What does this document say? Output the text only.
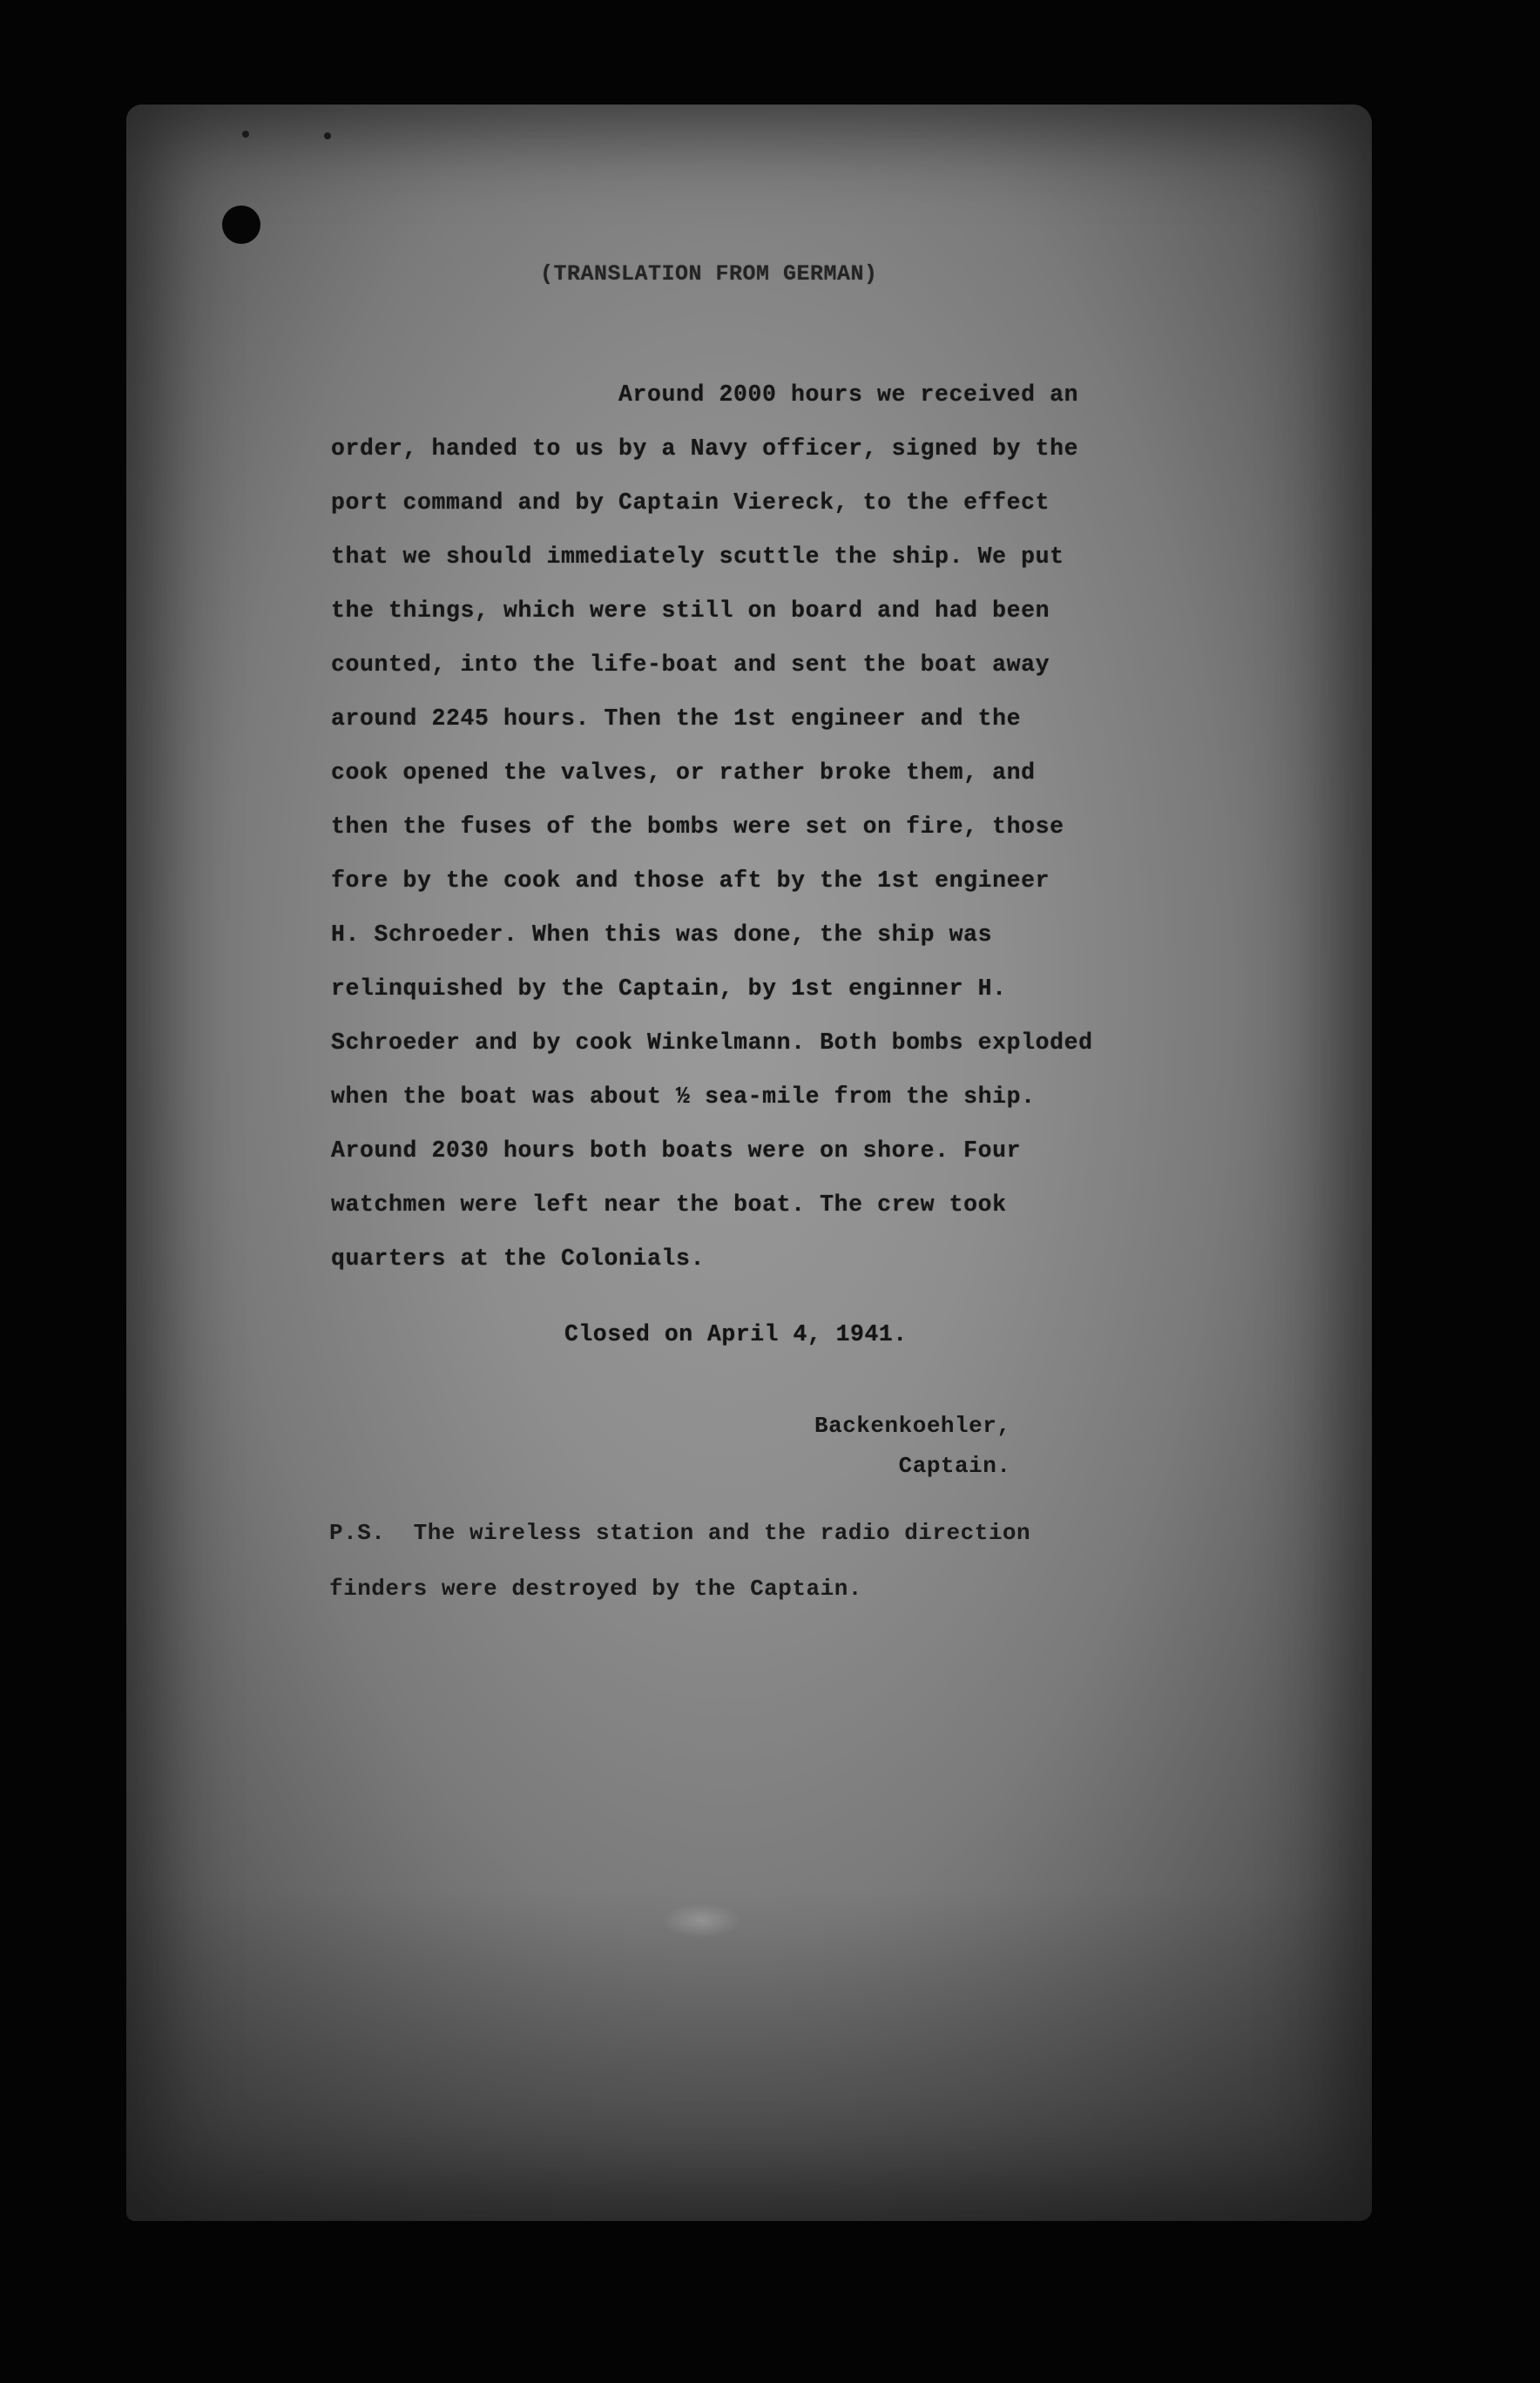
(TRANSLATION FROM GERMAN)
Around 2000 hours we received an
order, handed to us by a Navy officer, signed by the
port command and by Captain Viereck, to the effect
that we should immediately scuttle the ship. We put
the things, which were still on board and had been
counted, into the life-boat and sent the boat away
around 2245 hours. Then the 1st engineer and the
cook opened the valves, or rather broke them, and
then the fuses of the bombs were set on fire, those
fore by the cook and those aft by the 1st engineer
H. Schroeder. When this was done, the ship was
relinquished by the Captain, by 1st enginner H.
Schroeder and by cook Winkelmann. Both bombs exploded
when the boat was about ½ sea-mile from the ship.
Around 2030 hours both boats were on shore. Four
watchmen were left near the boat. The crew took
quarters at the Colonials.
Closed on April 4, 1941.
Backenkoehler,
Captain.
P.S.  The wireless station and the radio direction
finders were destroyed by the Captain.
